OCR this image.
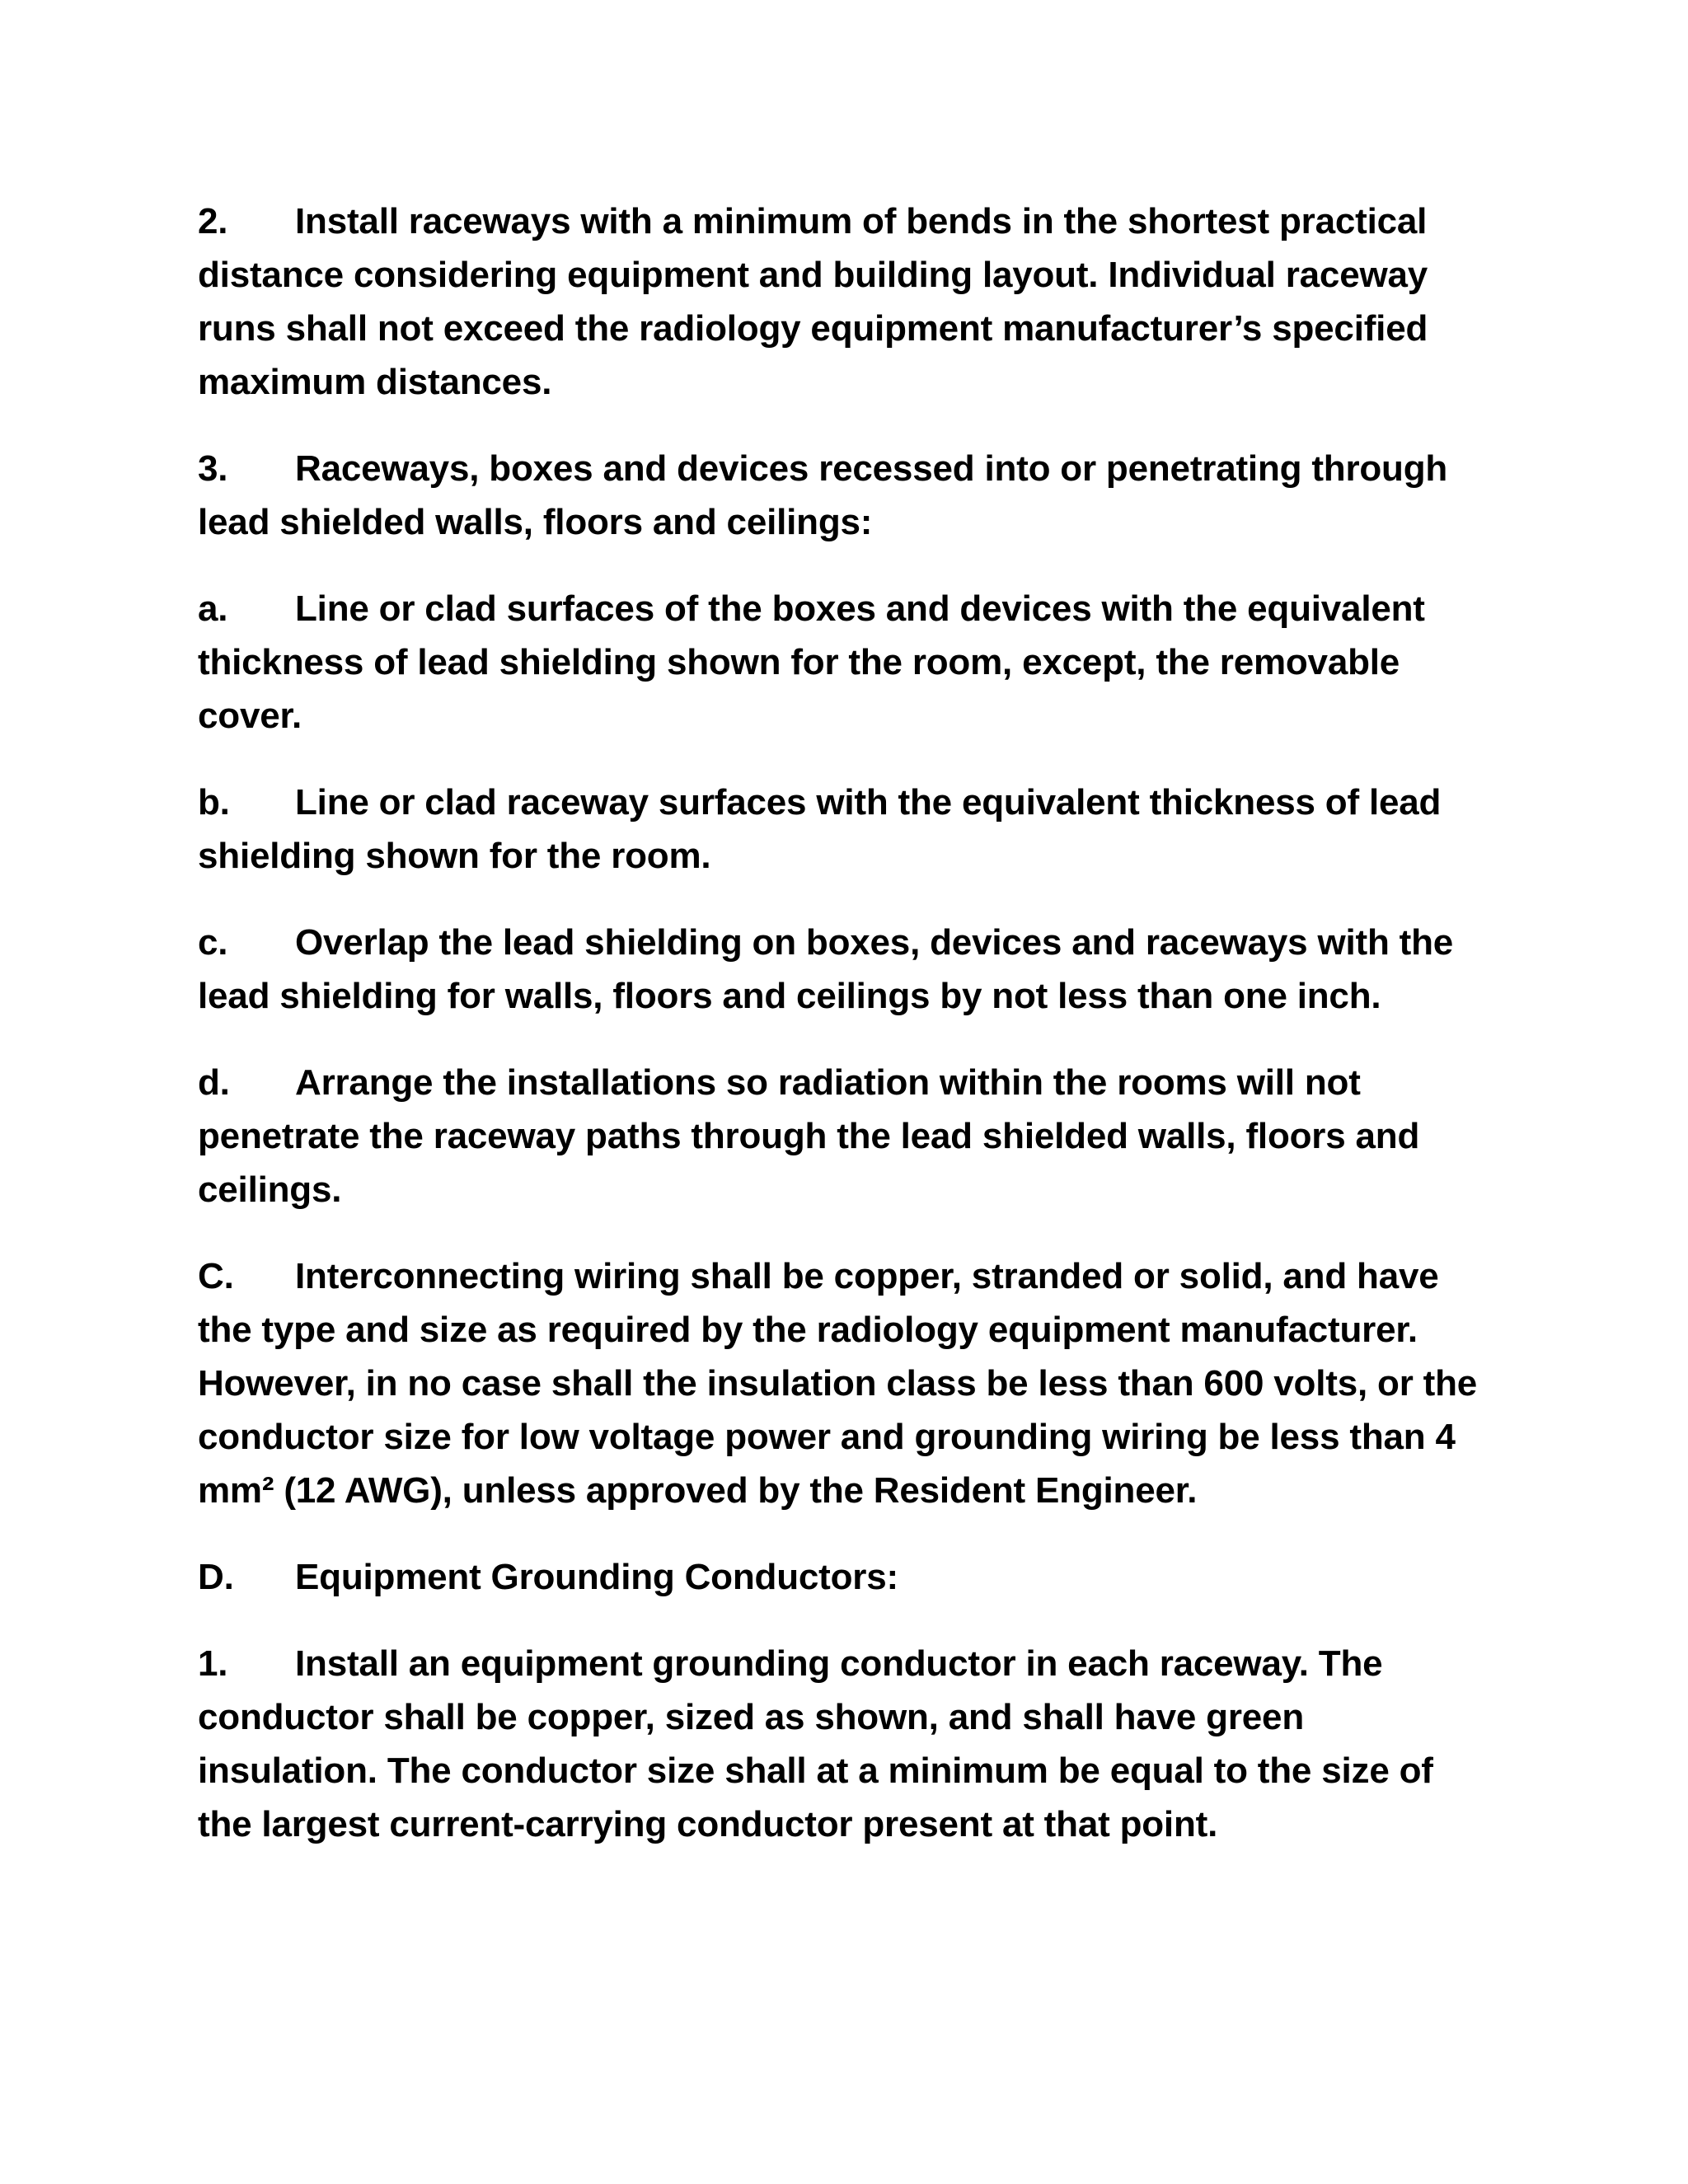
2. Install raceways with a minimum of bends in the shortest practical distance considering equipment and building layout. Individual raceway runs shall not exceed the radiology equipment manufacturer’s specified maximum distances.

3. Raceways, boxes and devices recessed into or penetrating through lead shielded walls, floors and ceilings:

a. Line or clad surfaces of the boxes and devices with the equivalent thickness of lead shielding shown for the room, except, the removable cover.

b. Line or clad raceway surfaces with the equivalent thickness of lead shielding shown for the room.

c. Overlap the lead shielding on boxes, devices and raceways with the lead shielding for walls, floors and ceilings by not less than one inch.

d. Arrange the installations so radiation within the rooms will not penetrate the raceway paths through the lead shielded walls, floors and ceilings.

C. Interconnecting wiring shall be copper, stranded or solid, and have the type and size as required by the radiology equipment manufacturer. However, in no case shall the insulation class be less than 600 volts, or the conductor size for low voltage power and grounding wiring be less than 4 mm² (12 AWG), unless approved by the Resident Engineer.

D. Equipment Grounding Conductors:

1. Install an equipment grounding conductor in each raceway. The conductor shall be copper, sized as shown, and shall have green insulation. The conductor size shall at a minimum be equal to the size of the largest current-carrying conductor present at that point.
